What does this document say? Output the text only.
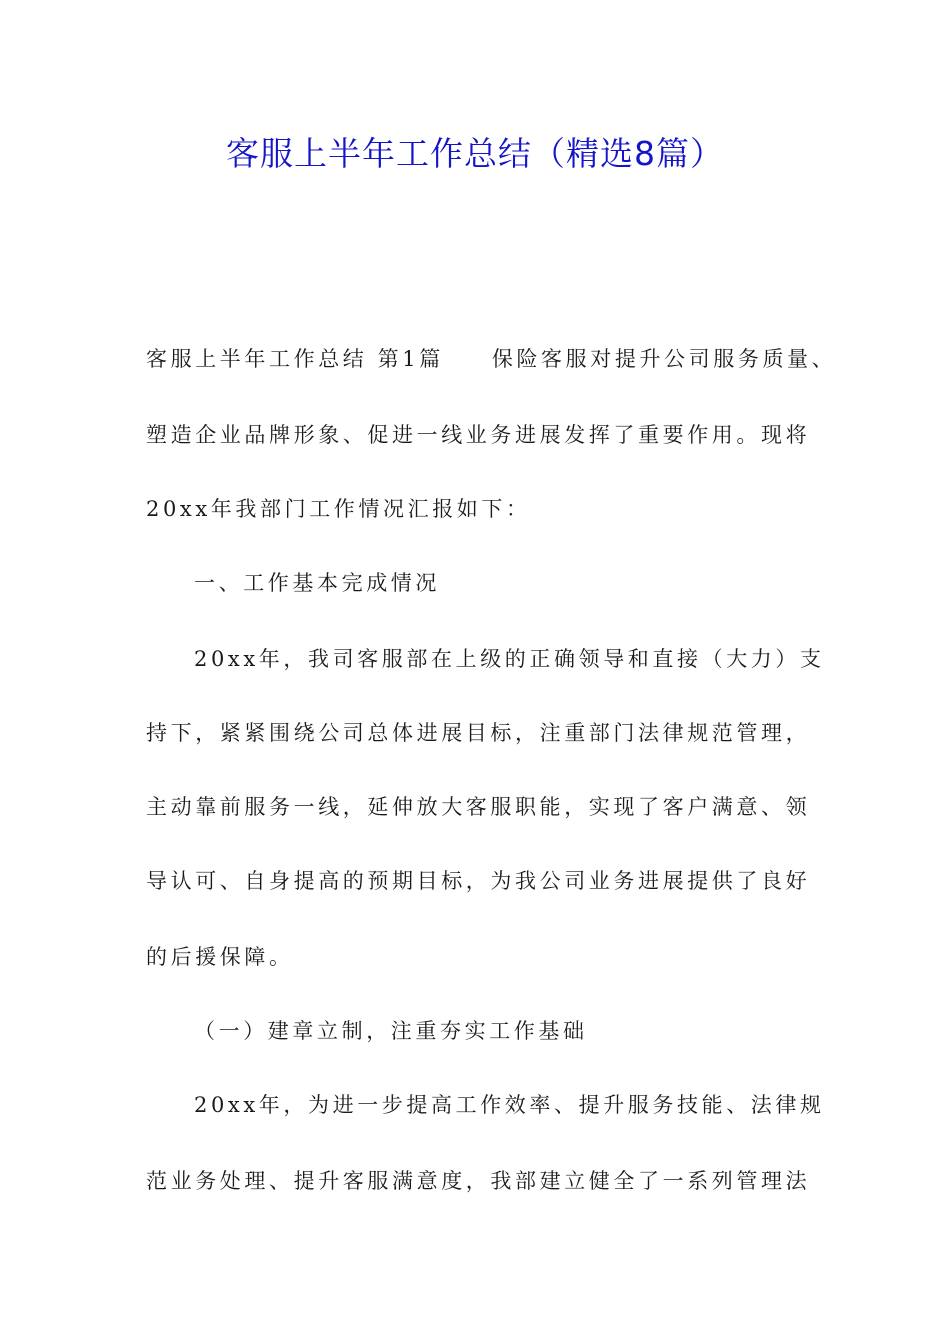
客服上半年工作总结（精选8篇）
客服上半年工作总结 第1篇 保险客服对提升公司服务质量、
塑造企业品牌形象、促进一线业务进展发挥了重要作用。现将
20xx年我部门工作情况汇报如下：
一、工作基本完成情况
20xx年，我司客服部在上级的正确领导和直接（大力）支
持下，紧紧围绕公司总体进展目标，注重部门法律规范管理，
主动靠前服务一线，延伸放大客服职能，实现了客户满意、领
导认可、自身提高的预期目标，为我公司业务进展提供了良好
的后援保障。
（一）建章立制，注重夯实工作基础
20xx年，为进一步提高工作效率、提升服务技能、法律规
范业务处理、提升客服满意度，我部建立健全了一系列管理法
